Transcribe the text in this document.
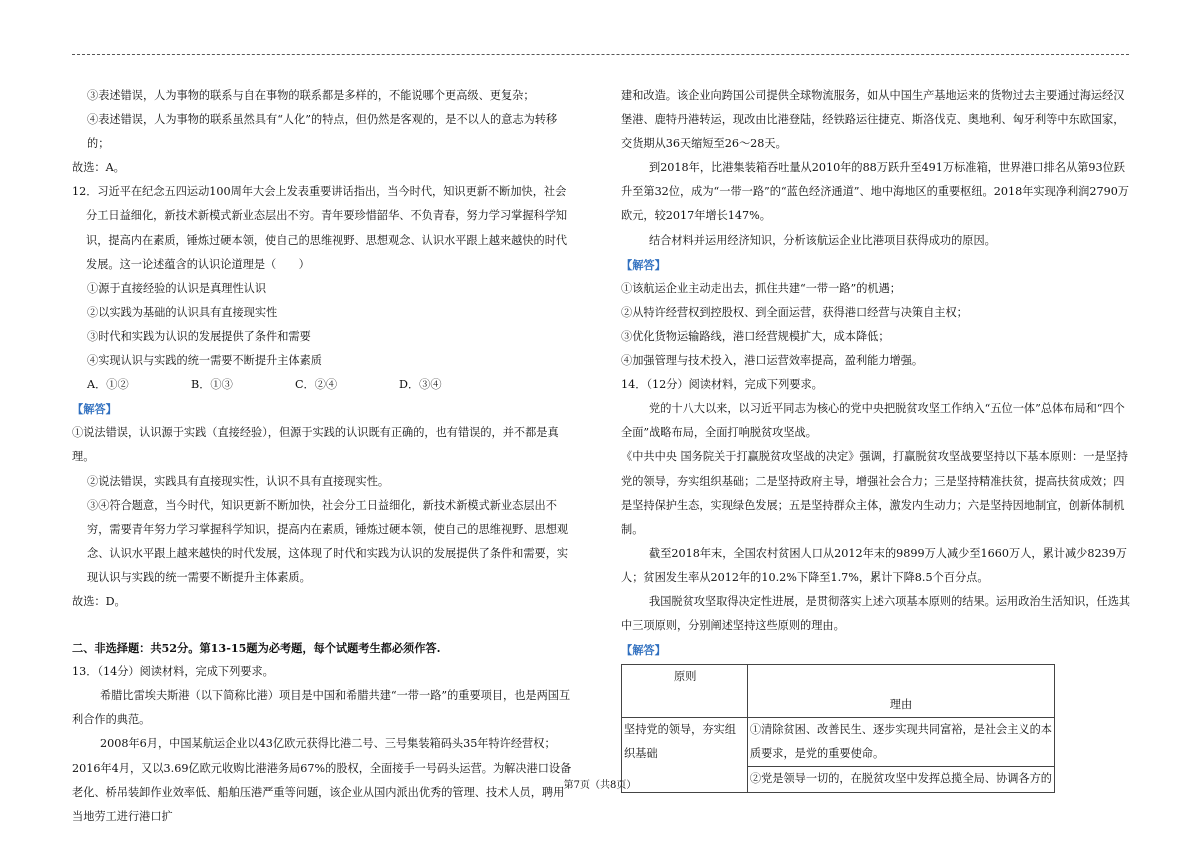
③表述错误，人为事物的联系与自在事物的联系都是多样的，不能说哪个更高级、更复杂；

④表述错误，人为事物的联系虽然具有“人化”的特点，但仍然是客观的，是不以人的意志为转移的；

故选：A。

12．习近平在纪念五四运动100周年大会上发表重要讲话指出，当今时代，知识更新不断加快，社会分工日益细化，新技术新模式新业态层出不穷。青年要珍惜韶华、不负青春，努力学习掌握科学知识，提高内在素质，锤炼过硬本领，使自己的思维视野、思想观念、认识水平跟上越来越快的时代发展。这一论述蕴含的认识论道理是（　　）

①源于直接经验的认识是真理性认识

②以实践为基础的认识具有直接现实性

③时代和实践为认识的发展提供了条件和需要

④实现认识与实践的统一需要不断提升主体素质

A．①②	B．①③	C．②④	D．③④

【解答】

①说法错误，认识源于实践（直接经验），但源于实践的认识既有正确的，也有错误的，并不都是真理。

②说法错误，实践具有直接现实性，认识不具有直接现实性。

③④符合题意，当今时代，知识更新不断加快，社会分工日益细化，新技术新模式新业态层出不穷，需要青年努力学习掌握科学知识，提高内在素质，锤炼过硬本领，使自己的思维视野、思想观念、认识水平跟上越来越快的时代发展，这体现了时代和实践为认识的发展提供了条件和需要，实现认识与实践的统一需要不断提升主体素质。

故选：D。

二、非选择题：共52分。第13-15题为必考题，每个试题考生都必须作答.

13．（14分）阅读材料，完成下列要求。

希腊比雷埃夫斯港（以下简称比港）项目是中国和希腊共建“一带一路”的重要项目，也是两国互利合作的典范。

2008年6月，中国某航运企业以43亿欧元获得比港二号、三号集装箱码头35年特许经营权；2016年4月，又以3.69亿欧元收购比港港务局67%的股权，全面接手一号码头运营。为解决港口设备老化、桥吊装卸作业效率低、船舶压港严重等问题，该企业从国内派出优秀的管理、技术人员，聘用当地劳工进行港口扩

建和改造。该企业向跨国公司提供全球物流服务，如从中国生产基地运来的货物过去主要通过海运经汉堡港、鹿特丹港转运，现改由比港登陆，经铁路运往捷克、斯洛伐克、奥地利、匈牙利等中东欧国家，交货期从36天缩短至26～28天。

到2018年，比港集装箱吞吐量从2010年的88万跃升至491万标准箱，世界港口排名从第93位跃升至第32位，成为“一带一路”的“蓝色经济通道”、地中海地区的重要枢纽。2018年实现净利润2790万欧元，较2017年增长147%。

结合材料并运用经济知识，分析该航运企业比港项目获得成功的原因。

【解答】

①该航运企业主动走出去，抓住共建“一带一路”的机遇；

②从特许经营权到控股权、到全面运营，获得港口经营与决策自主权；

③优化货物运输路线，港口经营规模扩大，成本降低；

④加强管理与技术投入，港口运营效率提高，盈利能力增强。

14．（12分）阅读材料，完成下列要求。

党的十八大以来，以习近平同志为核心的党中央把脱贫攻坚工作纳入“五位一体”总体布局和“四个全面”战略布局，全面打响脱贫攻坚战。

《中共中央 国务院关于打赢脱贫攻坚战的决定》强调，打赢脱贫攻坚战要坚持以下基本原则：一是坚持党的领导，夯实组织基础；二是坚持政府主导，增强社会合力；三是坚持精准扶贫，提高扶贫成效；四是坚持保护生态，实现绿色发展；五是坚持群众主体，激发内生动力；六是坚持因地制宜，创新体制机制。

截至2018年末，全国农村贫困人口从2012年末的9899万人减少至1660万人，累计减少8239万人；贫困发生率从2012年的10.2%下降至1.7%，累计下降8.5个百分点。

我国脱贫攻坚取得决定性进展，是贯彻落实上述六项基本原则的结果。运用政治生活知识，任选其中三项原则，分别阐述坚持这些原则的理由。

【解答】

原则	理由
坚持党的领导，夯实组织基础	①清除贫困、改善民生、逐步实现共同富裕，是社会主义的本质要求，是党的重要使命。
②党是领导一切的，在脱贫攻坚中发挥总揽全局、协调各方的
第7页（共8页）
